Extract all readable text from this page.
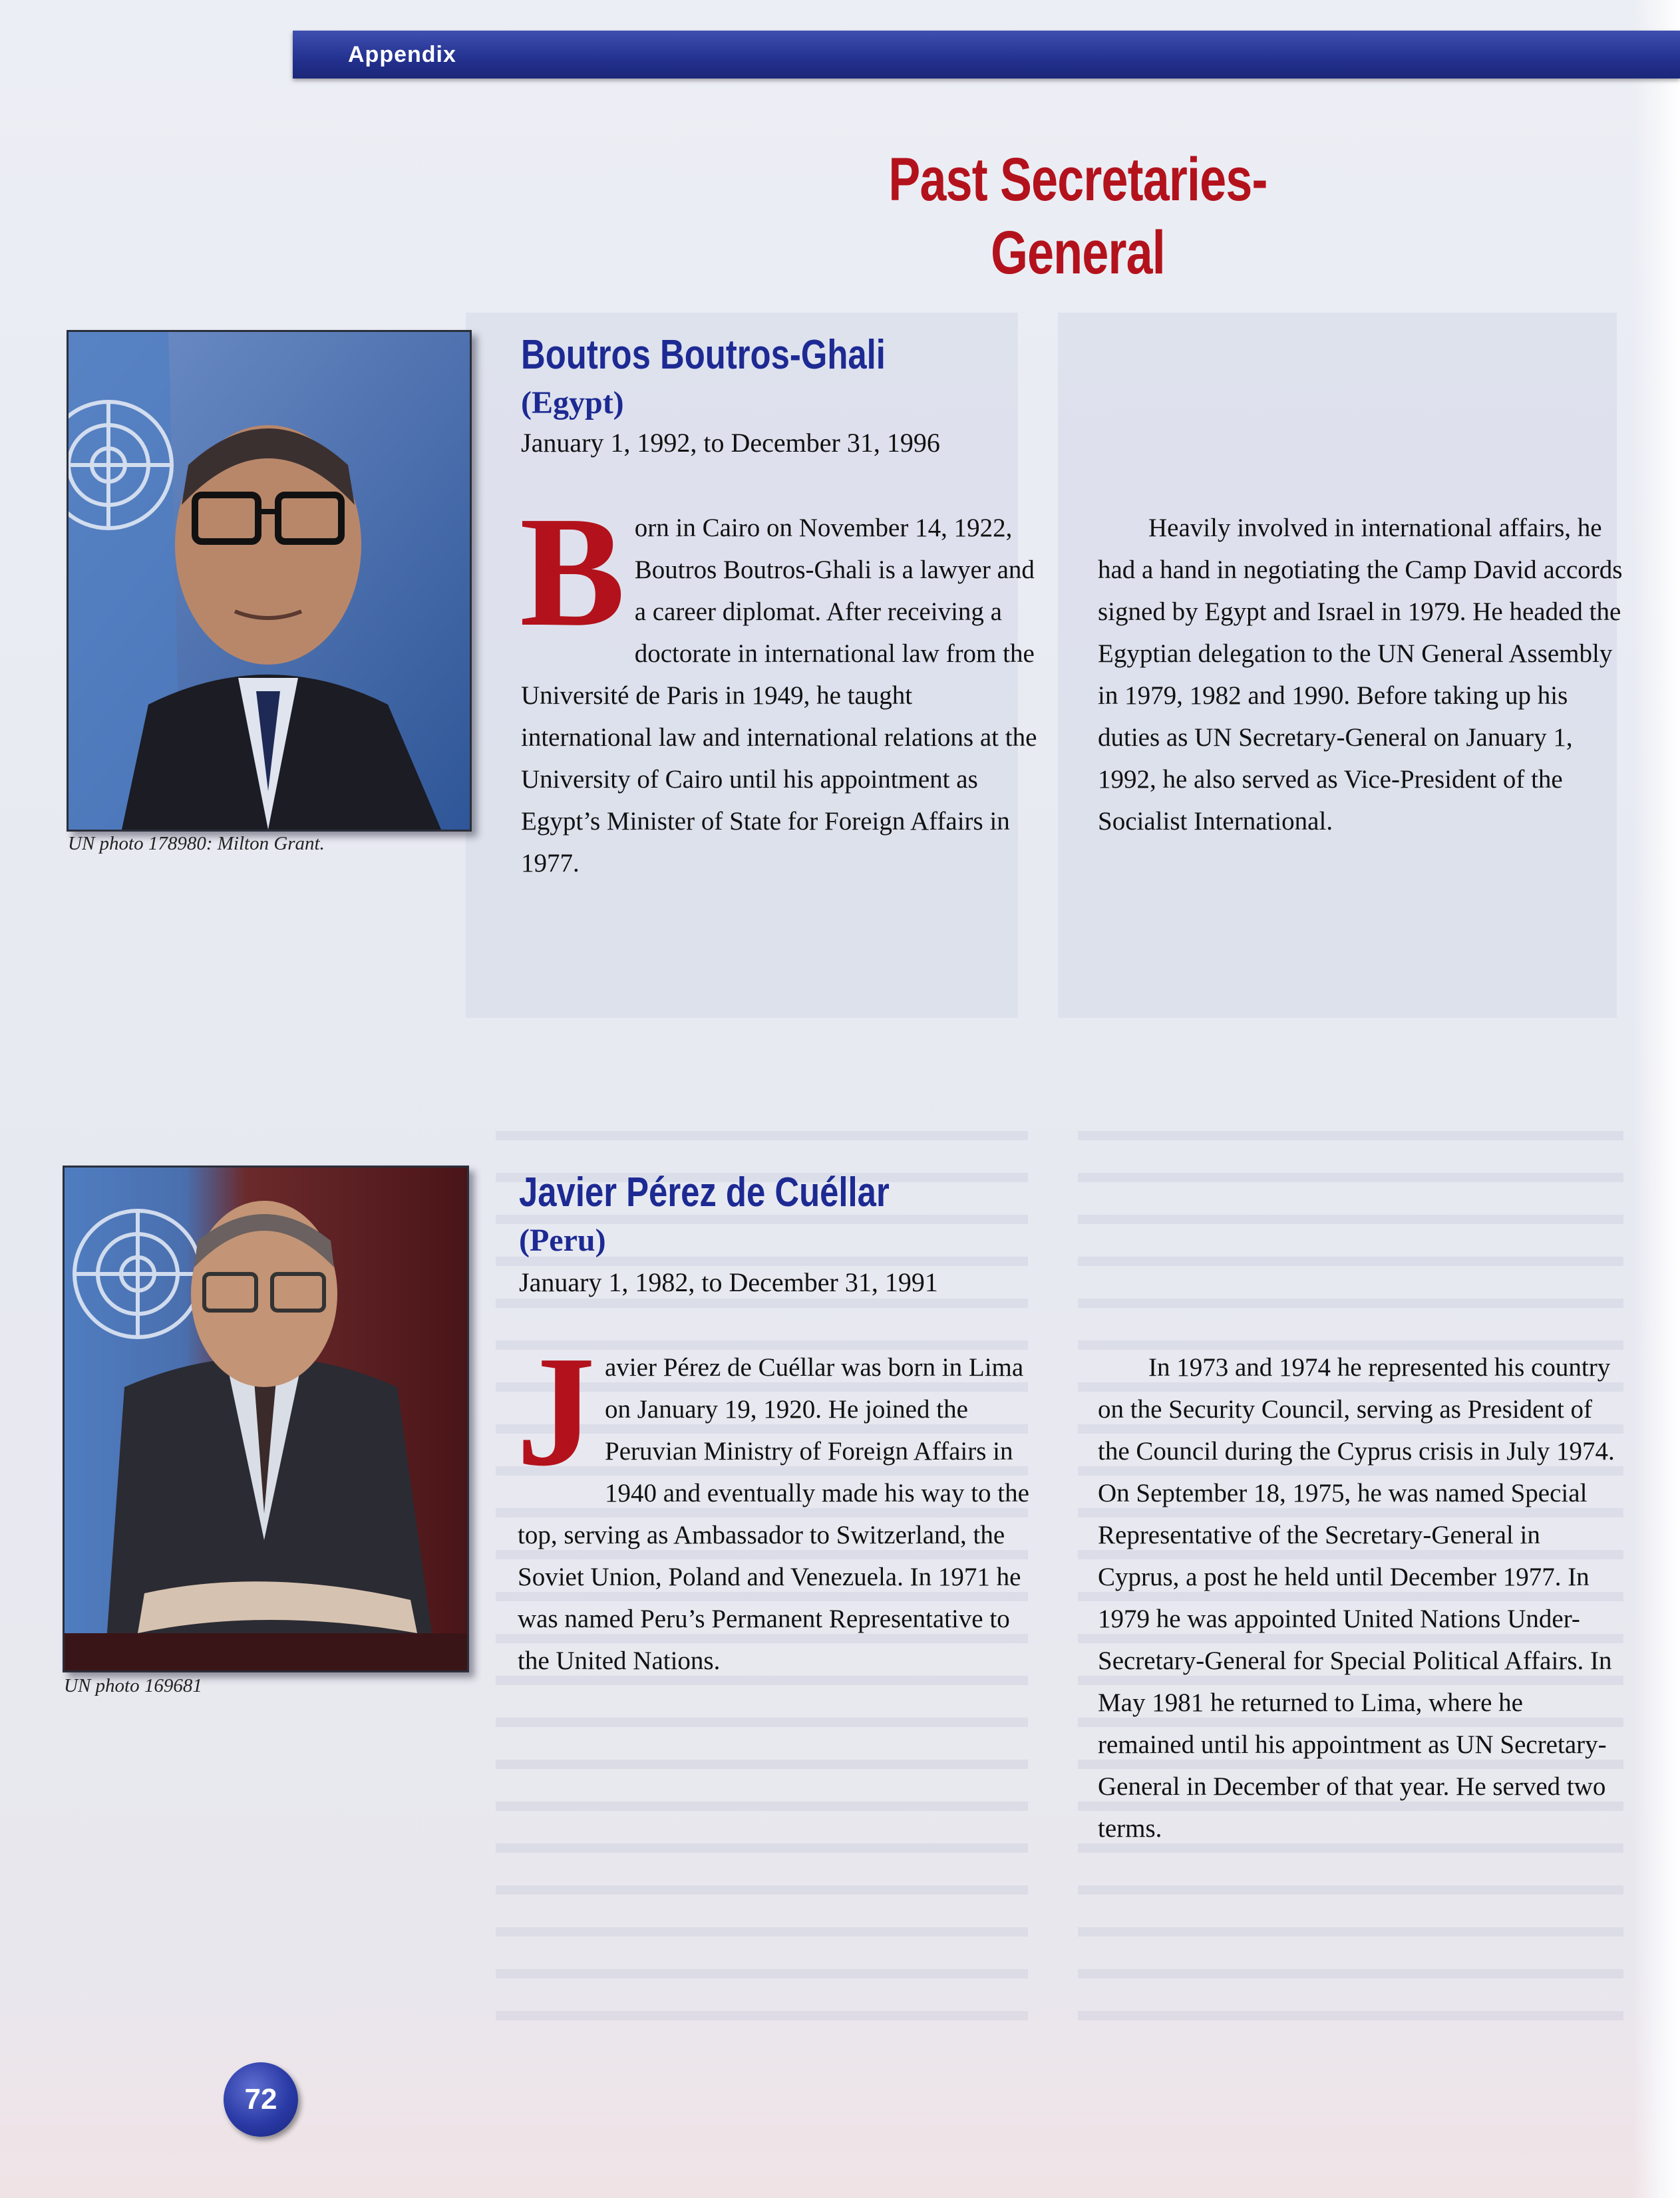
Appendix
Past Secretaries-General
UN photo 178980: Milton Grant.
Boutros Boutros-Ghali
(Egypt)
January 1, 1992, to December 31, 1996
Born in Cairo on November 14, 1922, Boutros Boutros-Ghali is a lawyer and a career diplomat. After receiving a doctorate in international law from the Université de Paris in 1949, he taught international law and international relations at the University of Cairo until his appointment as Egypt’s Minister of State for Foreign Affairs in 1977.
Heavily involved in international affairs, he had a hand in negotiating the Camp David accords signed by Egypt and Israel in 1979. He headed the Egyptian delegation to the UN General Assembly in 1979, 1982 and 1990. Before taking up his duties as UN Secretary-General on January 1, 1992, he also served as Vice-President of the Socialist International.
UN photo 169681
Javier Pérez de Cuéllar
(Peru)
January 1, 1982, to December 31, 1991
Javier Pérez de Cuéllar was born in Lima on January 19, 1920. He joined the Peruvian Ministry of Foreign Affairs in 1940 and eventually made his way to the top, serving as Ambassador to Switzerland, the Soviet Union, Poland and Venezuela. In 1971 he was named Peru’s Permanent Representative to the United Nations.
In 1973 and 1974 he represented his country on the Security Council, serving as President of the Council during the Cyprus crisis in July 1974. On September 18, 1975, he was named Special Representative of the Secretary-General in Cyprus, a post he held until December 1977. In 1979 he was appointed United Nations Under-Secretary-General for Special Political Affairs. In May 1981 he returned to Lima, where he remained until his appointment as UN Secretary-General in December of that year. He served two terms.
72
